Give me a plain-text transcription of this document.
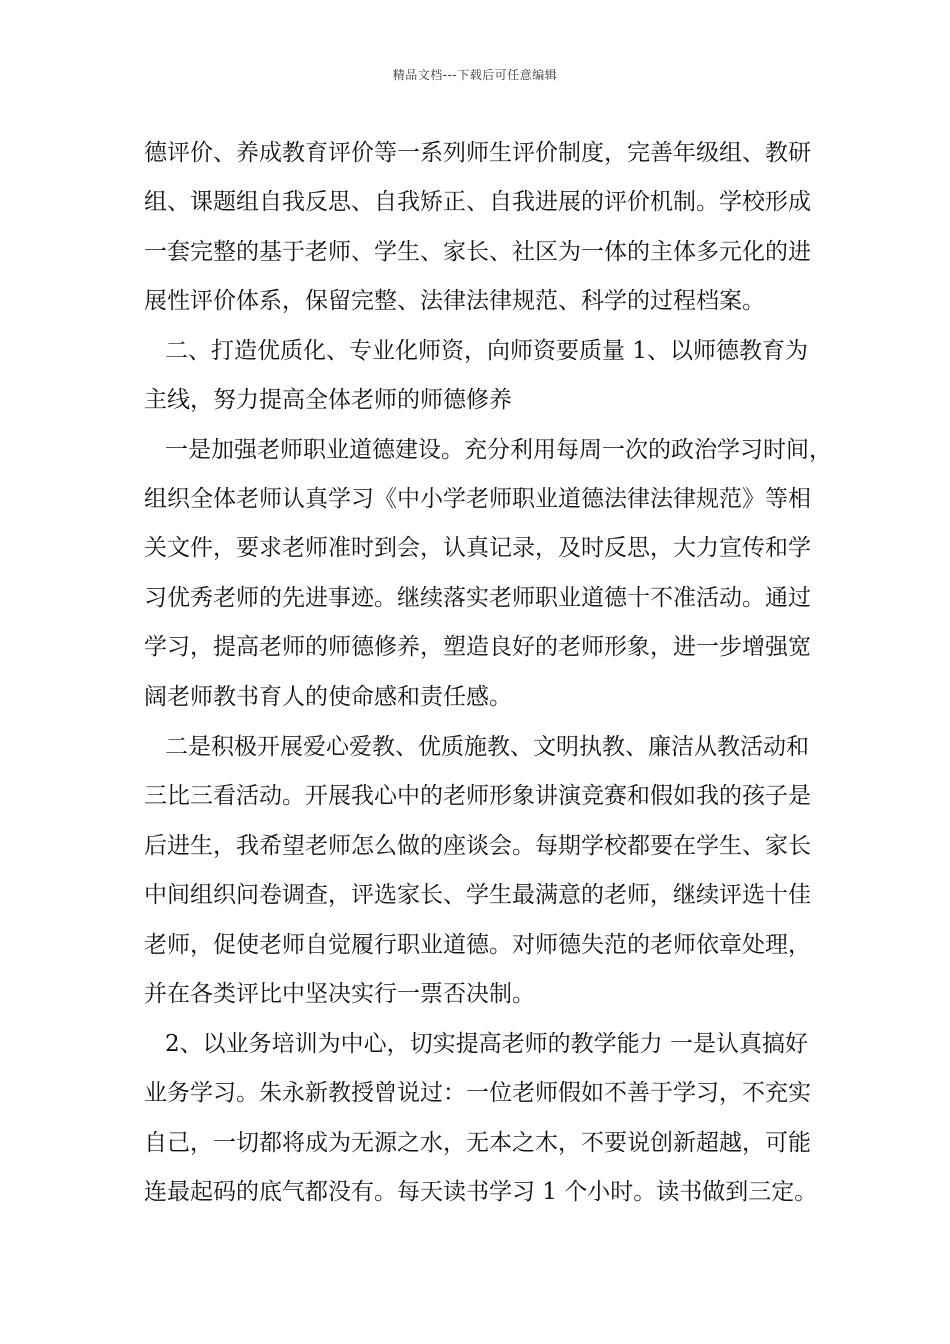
精品文档---下载后可任意编辑
德评价、养成教育评价等一系列师生评价制度，完善年级组、教研
组、课题组自我反思、自我矫正、自我进展的评价机制。学校形成
一套完整的基于老师、学生、家长、社区为一体的主体多元化的进
展性评价体系，保留完整、法律法律规范、科学的过程档案。
二、打造优质化、专业化师资，向师资要质量 1、以师德教育为
主线，努力提高全体老师的师德修养
一是加强老师职业道德建设。充分利用每周一次的政治学习时间，
组织全体老师认真学习《中小学老师职业道德法律法律规范》等相
关文件，要求老师准时到会，认真记录，及时反思，大力宣传和学
习优秀老师的先进事迹。继续落实老师职业道德十不准活动。通过
学习，提高老师的师德修养，塑造良好的老师形象，进一步增强宽
阔老师教书育人的使命感和责任感。
二是积极开展爱心爱教、优质施教、文明执教、廉洁从教活动和
三比三看活动。开展我心中的老师形象讲演竞赛和假如我的孩子是
后进生，我希望老师怎么做的座谈会。每期学校都要在学生、家长
中间组织问卷调查，评选家长、学生最满意的老师，继续评选十佳
老师，促使老师自觉履行职业道德。对师德失范的老师依章处理，
并在各类评比中坚决实行一票否决制。
2、以业务培训为中心，切实提高老师的教学能力 一是认真搞好
业务学习。朱永新教授曾说过：一位老师假如不善于学习，不充实
自己，一切都将成为无源之水，无本之木，不要说创新超越，可能
连最起码的底气都没有。每天读书学习 1 个小时。读书做到三定。
